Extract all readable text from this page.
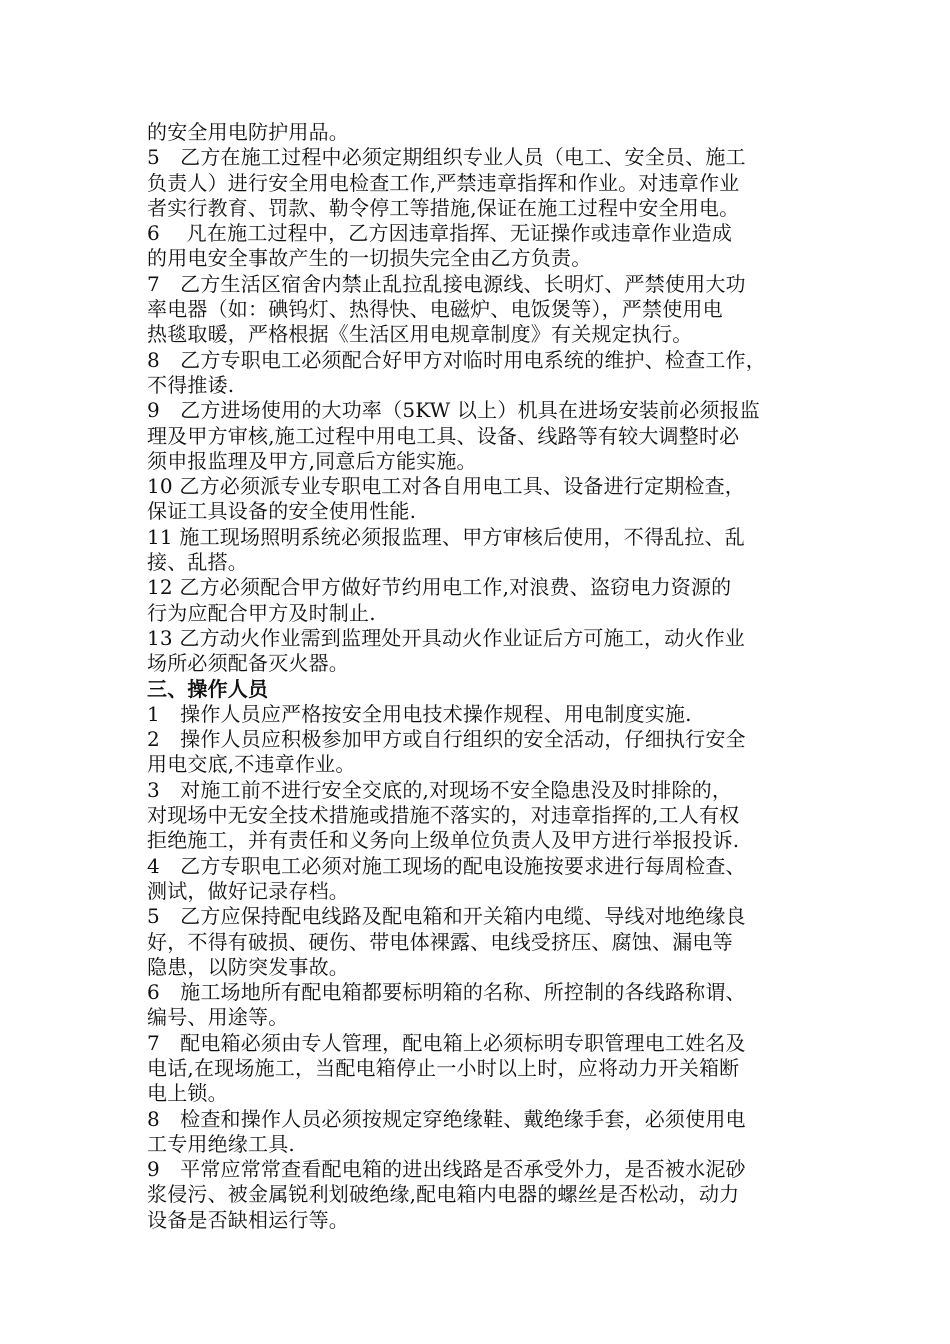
的安全用电防护用品。
5　乙方在施工过程中必须定期组织专业人员（电工、安全员、施工
负责人）进行安全用电检查工作,严禁违章指挥和作业。对违章作业
者实行教育、罚款、勒令停工等措施,保证在施工过程中安全用电。
6　 凡在施工过程中，乙方因违章指挥、无证操作或违章作业造成
的用电安全事故产生的一切损失完全由乙方负责。
7　乙方生活区宿舍内禁止乱拉乱接电源线、长明灯、严禁使用大功
率电器（如：碘钨灯、热得快、电磁炉、电饭煲等），严禁使用电
热毯取暖，严格根据《生活区用电规章制度》有关规定执行。
8　乙方专职电工必须配合好甲方对临时用电系统的维护、检查工作，
不得推诿.
9　乙方进场使用的大功率（5KW 以上）机具在进场安装前必须报监
理及甲方审核,施工过程中用电工具、设备、线路等有较大调整时必
须申报监理及甲方,同意后方能实施。
10 乙方必须派专业专职电工对各自用电工具、设备进行定期检查，
保证工具设备的安全使用性能.
11 施工现场照明系统必须报监理、甲方审核后使用，不得乱拉、乱
接、乱搭。
12 乙方必须配合甲方做好节约用电工作,对浪费、盗窃电力资源的
行为应配合甲方及时制止.
13 乙方动火作业需到监理处开具动火作业证后方可施工，动火作业
场所必须配备灭火器。
三、操作人员
1　操作人员应严格按安全用电技术操作规程、用电制度实施.
2　操作人员应积极参加甲方或自行组织的安全活动，仔细执行安全
用电交底,不违章作业。
3　对施工前不进行安全交底的,对现场不安全隐患没及时排除的，
对现场中无安全技术措施或措施不落实的，对违章指挥的,工人有权
拒绝施工，并有责任和义务向上级单位负责人及甲方进行举报投诉.
4　乙方专职电工必须对施工现场的配电设施按要求进行每周检查、
测试，做好记录存档。
5　乙方应保持配电线路及配电箱和开关箱内电缆、导线对地绝缘良
好，不得有破损、硬伤、带电体裸露、电线受挤压、腐蚀、漏电等
隐患，以防突发事故。
6　施工场地所有配电箱都要标明箱的名称、所控制的各线路称谓、
编号、用途等。
7　配电箱必须由专人管理，配电箱上必须标明专职管理电工姓名及
电话,在现场施工，当配电箱停止一小时以上时，应将动力开关箱断
电上锁。
8　检查和操作人员必须按规定穿绝缘鞋、戴绝缘手套，必须使用电
工专用绝缘工具.
9　平常应常常查看配电箱的进出线路是否承受外力，是否被水泥砂
浆侵污、被金属锐利划破绝缘,配电箱内电器的螺丝是否松动，动力
设备是否缺相运行等。
